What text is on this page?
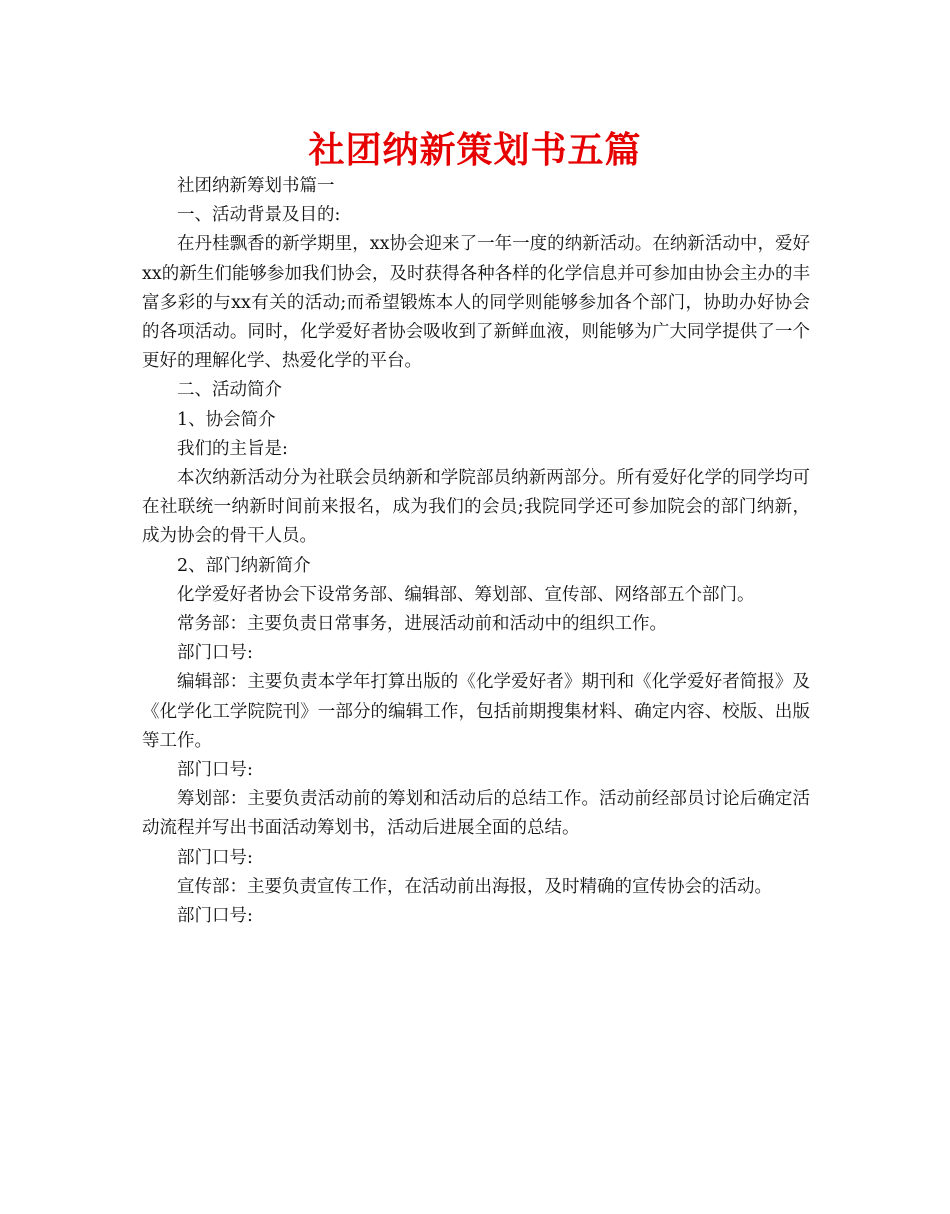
社团纳新策划书五篇

社团纳新筹划书篇一

一、活动背景及目的:

在丹桂飘香的新学期里，xx协会迎来了一年一度的纳新活动。在纳新活动中，爱好xx的新生们能够参加我们协会，及时获得各种各样的化学信息并可参加由协会主办的丰富多彩的与xx有关的活动;而希望锻炼本人的同学则能够参加各个部门，协助办好协会的各项活动。同时，化学爱好者协会吸收到了新鲜血液，则能够为广大同学提供了一个更好的理解化学、热爱化学的平台。

二、活动简介

1、协会简介

我们的主旨是:

本次纳新活动分为社联会员纳新和学院部员纳新两部分。所有爱好化学的同学均可在社联统一纳新时间前来报名，成为我们的会员;我院同学还可参加院会的部门纳新，成为协会的骨干人员。

2、部门纳新简介

化学爱好者协会下设常务部、编辑部、筹划部、宣传部、网络部五个部门。

常务部：主要负责日常事务，进展活动前和活动中的组织工作。

部门口号:

编辑部：主要负责本学年打算出版的《化学爱好者》期刊和《化学爱好者简报》及《化学化工学院院刊》一部分的编辑工作，包括前期搜集材料、确定内容、校版、出版等工作。

部门口号:

筹划部：主要负责活动前的筹划和活动后的总结工作。活动前经部员讨论后确定活动流程并写出书面活动筹划书，活动后进展全面的总结。

部门口号:

宣传部：主要负责宣传工作，在活动前出海报，及时精确的宣传协会的活动。

部门口号:
